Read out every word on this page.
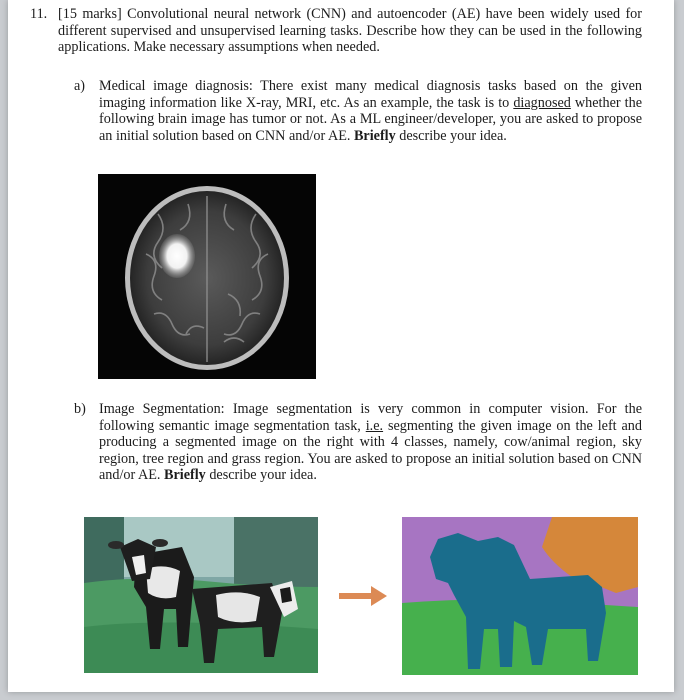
11. [15 marks] Convolutional neural network (CNN) and autoencoder (AE) have been widely used for different supervised and unsupervised learning tasks. Describe how they can be used in the following applications. Make necessary assumptions when needed.
a) Medical image diagnosis: There exist many medical diagnosis tasks based on the given imaging information like X-ray, MRI, etc. As an example, the task is to diagnosed whether the following brain image has tumor or not. As a ML engineer/developer, you are asked to propose an initial solution based on CNN and/or AE. Briefly describe your idea.
b) Image Segmentation: Image segmentation is very common in computer vision. For the following semantic image segmentation task, i.e. segmenting the given image on the left and producing a segmented image on the right with 4 classes, namely, cow/animal region, sky region, tree region and grass region. You are asked to propose an initial solution based on CNN and/or AE. Briefly describe your idea.
